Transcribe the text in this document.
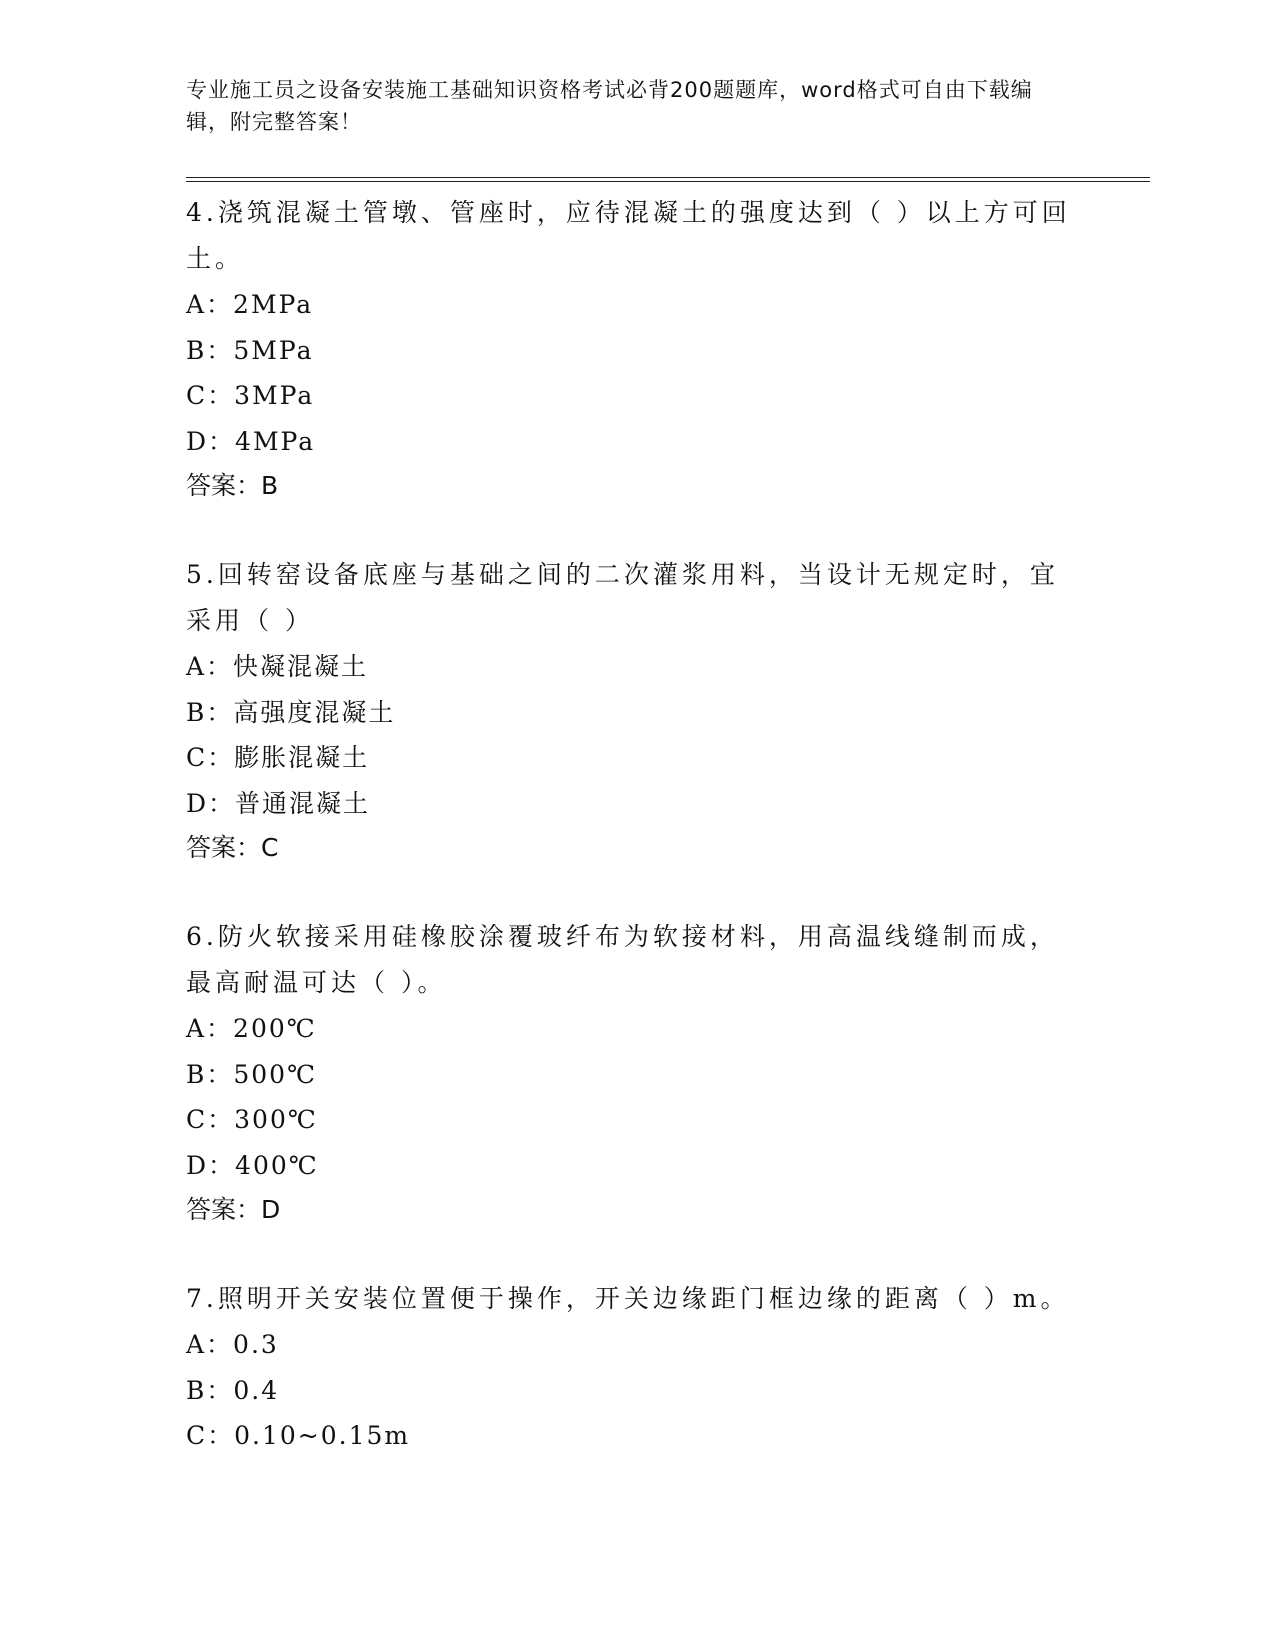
专业施工员之设备安装施工基础知识资格考试必背200题题库，word格式可自由下载编辑，附完整答案！

4.浇筑混凝土管墩、管座时，应待混凝土的强度达到（ ）以上方可回土。

A：2MPa

B：5MPa

C：3MPa

D：4MPa

答案：B

5.回转窑设备底座与基础之间的二次灌浆用料，当设计无规定时，宜采用（ ）

A：快凝混凝土

B：高强度混凝土

C：膨胀混凝土

D：普通混凝土

答案：C

6.防火软接采用硅橡胶涂覆玻纤布为软接材料，用高温线缝制而成，最高耐温可达（ ）。

A：200℃

B：500℃

C：300℃

D：400℃

答案：D

7.照明开关安装位置便于操作，开关边缘距门框边缘的距离（ ）m。

A：0.3

B：0.4

C：0.10~0.15m
